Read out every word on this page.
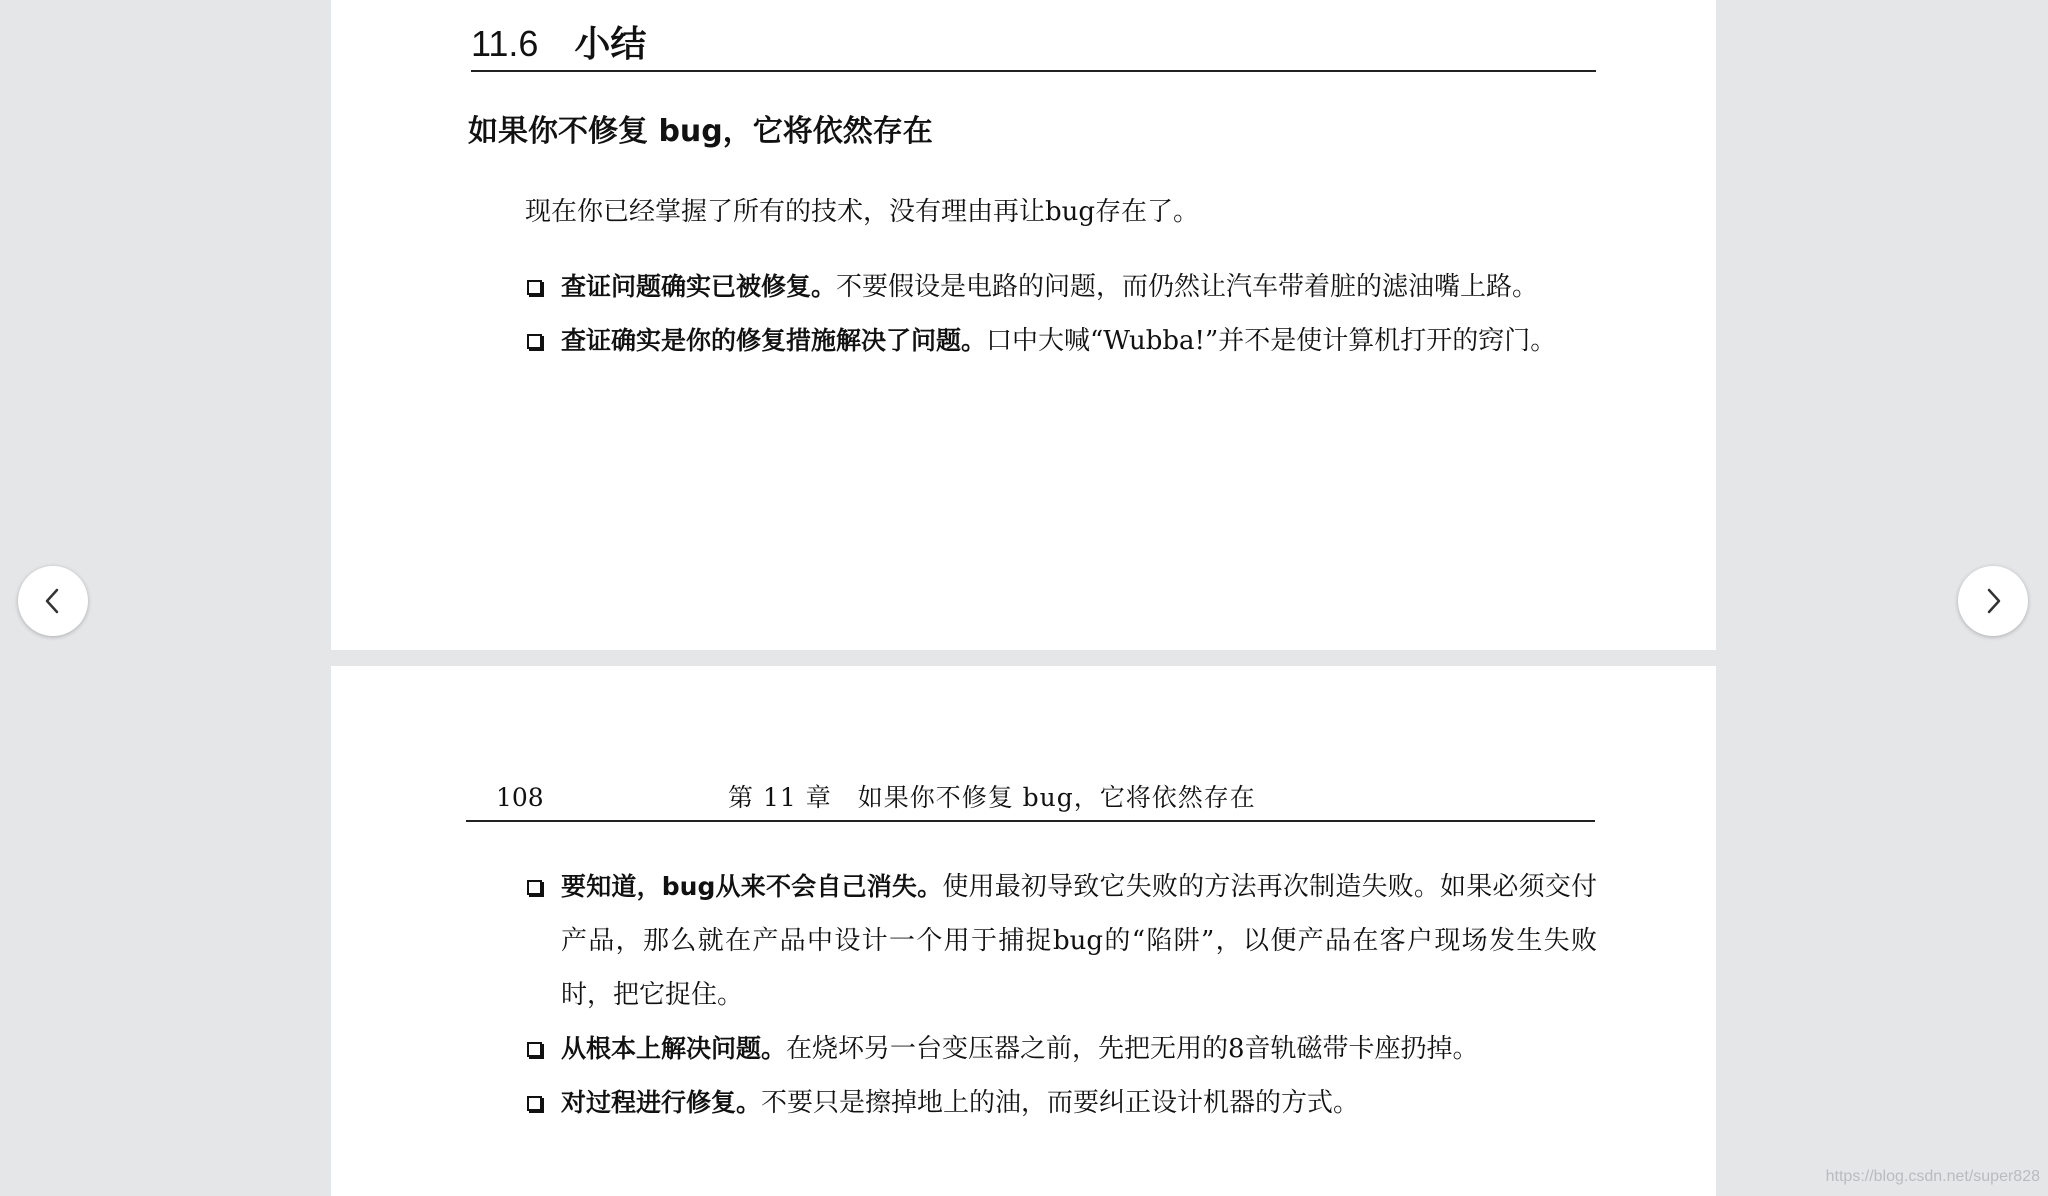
11.6 小结
如果你不修复 bug，它将依然存在
现在你已经掌握了所有的技术，没有理由再让bug存在了。
查证问题确实已被修复。不要假设是电路的问题，而仍然让汽车带着脏的滤油嘴上路。
查证确实是你的修复措施解决了问题。口中大喊“Wubba!”并不是使计算机打开的窍门。
108	第 11 章　如果你不修复 bug，它将依然存在
要知道，bug从来不会自己消失。使用最初导致它失败的方法再次制造失败。如果必须交付产品，那么就在产品中设计一个用于捕捉bug的“陷阱”，以便产品在客户现场发生失败时，把它捉住。
从根本上解决问题。在烧坏另一台变压器之前，先把无用的8音轨磁带卡座扔掉。
对过程进行修复。不要只是擦掉地上的油，而要纠正设计机器的方式。
https://blog.csdn.net/super828
